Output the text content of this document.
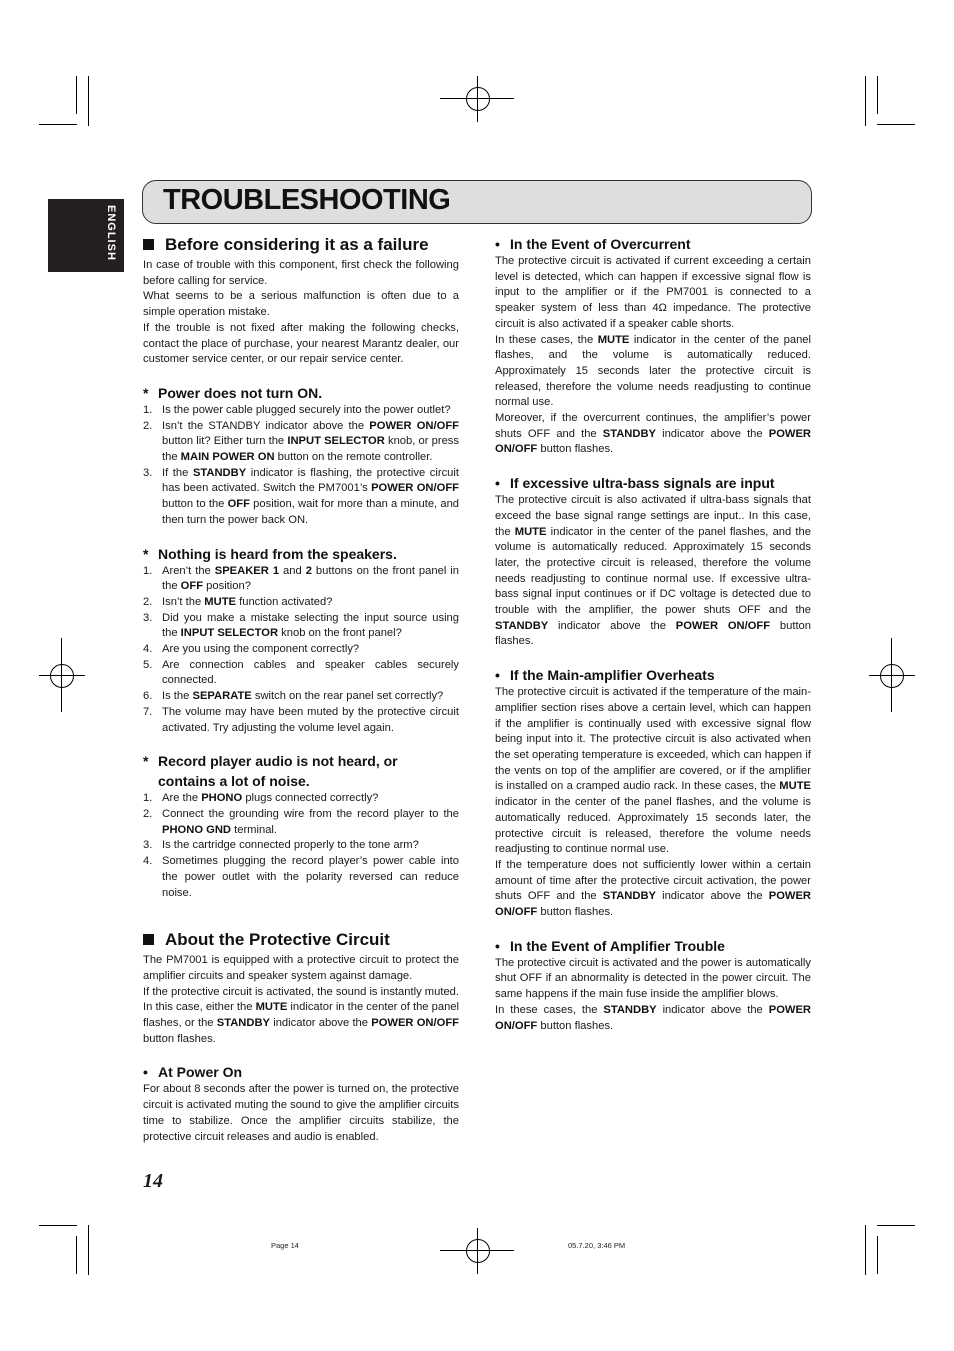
ENGLISH
TROUBLESHOOTING
Before considering it as a failure

In case of trouble with this component, first check the following before calling for service.

What seems to be a serious malfunction is often due to a simple operation mistake.

If the trouble is not fixed after making the following checks, contact the place of purchase, your nearest Marantz dealer, our customer service center, or our repair service center.

* Power does not turn ON.
1. Is the power cable plugged securely into the power outlet?
2. Isn’t the STANDBY indicator above the POWER ON/OFF button lit? Either turn the INPUT SELECTOR knob, or press the MAIN POWER ON button on the remote controller.
3. If the STANDBY indicator is flashing, the protective circuit has been activated. Switch the PM7001’s POWER ON/OFF button to the OFF position, wait for more than a minute, and then turn the power back ON.
* Nothing is heard from the speakers.
1. Aren’t the SPEAKER 1 and 2 buttons on the front panel in the OFF position?
2. Isn’t the MUTE function activated?
3. Did you make a mistake selecting the input source using the INPUT SELECTOR knob on the front panel?
4. Are you using the component correctly?
5. Are connection cables and speaker cables securely connected.
6. Is the SEPARATE switch on the rear panel set correctly?
7. The volume may have been muted by the protective circuit activated. Try adjusting the volume level again.
* Record player audio is not heard, or contains a lot of noise.
1. Are the PHONO plugs connected correctly?
2. Connect the grounding wire from the record player to the PHONO GND terminal.
3. Is the cartridge connected properly to the tone arm?
4. Sometimes plugging the record player’s power cable into the power outlet with the polarity reversed can reduce noise.
About the Protective Circuit

The PM7001 is equipped with a protective circuit to protect the amplifier circuits and speaker system against damage.

If the protective circuit is activated, the sound is instantly muted. In this case, either the MUTE indicator in the center of the panel flashes, or the STANDBY indicator above the POWER ON/OFF button flashes.

• At Power On

For about 8 seconds after the power is turned on, the protective circuit is activated muting the sound to give the amplifier circuits time to stabilize. Once the amplifier circuits stabilize, the protective circuit releases and audio is enabled.

• In the Event of Overcurrent

The protective circuit is activated if current exceeding a certain level is detected, which can happen if excessive signal flow is input to the amplifier or if the PM7001 is connected to a speaker system of less than 4Ω impedance. The protective circuit is also activated if a speaker cable shorts.

In these cases, the MUTE indicator in the center of the panel flashes, and the volume is automatically reduced. Approximately 15 seconds later the protective circuit is released, therefore the volume needs readjusting to continue normal use.

Moreover, if the overcurrent continues, the amplifier’s power shuts OFF and the STANDBY indicator above the POWER ON/OFF button flashes.

• If excessive ultra-bass signals are input

The protective circuit is also activated if ultra-bass signals that exceed the base signal range settings are input.. In this case, the MUTE indicator in the center of the panel flashes, and the volume is automatically reduced. Approximately 15 seconds later, the protective circuit is released, therefore the volume needs readjusting to continue normal use. If excessive ultra-bass signal input continues or if DC voltage is detected due to trouble with the amplifier, the power shuts OFF and the STANDBY indicator above the POWER ON/OFF button flashes.

• If the Main-amplifier Overheats

The protective circuit is activated if the temperature of the main-amplifier section rises above a certain level, which can happen if the amplifier is continually used with excessive signal flow being input into it. The protective circuit is also activated when the set operating temperature is exceeded, which can happen if the vents on top of the amplifier are covered, or if the amplifier is installed on a cramped audio rack. In these cases, the MUTE indicator in the center of the panel flashes, and the volume is automatically reduced. Approximately 15 seconds later, the protective circuit is released, therefore the volume needs readjusting to continue normal use.

If the temperature does not sufficiently lower within a certain amount of time after the protective circuit activation, the power shuts OFF and the STANDBY indicator above the POWER ON/OFF button flashes.

• In the Event of Amplifier Trouble

The protective circuit is activated and the power is automatically shut OFF if an abnormality is detected in the power circuit. The same happens if the main fuse inside the amplifier blows.

In these cases, the STANDBY indicator above the POWER ON/OFF button flashes.

14
Page 14	05.7.20, 3:46 PM
